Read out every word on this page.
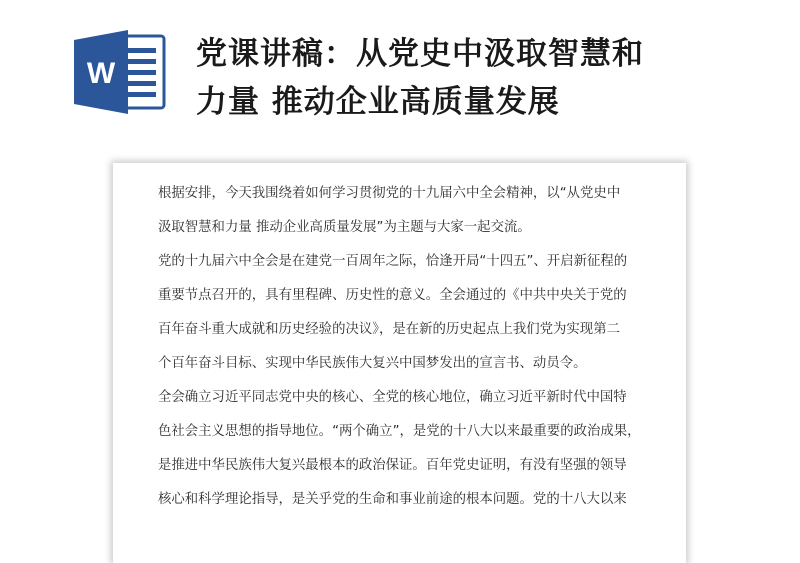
W
党课讲稿：从党史中汲取智慧和
力量 推动企业高质量发展

根据安排，今天我围绕着如何学习贯彻党的十九届六中全会精神，以“从党史中

汲取智慧和力量 推动企业高质量发展”为主题与大家一起交流。

党的十九届六中全会是在建党一百周年之际，恰逢开局“十四五”、开启新征程的

重要节点召开的，具有里程碑、历史性的意义。全会通过的《中共中央关于党的

百年奋斗重大成就和历史经验的决议》，是在新的历史起点上我们党为实现第二

个百年奋斗目标、实现中华民族伟大复兴中国梦发出的宣言书、动员令。

全会确立习近平同志党中央的核心、全党的核心地位，确立习近平新时代中国特

色社会主义思想的指导地位。“两个确立”，是党的十八大以来最重要的政治成果，

是推进中华民族伟大复兴最根本的政治保证。百年党史证明，有没有坚强的领导

核心和科学理论指导，是关乎党的生命和事业前途的根本问题。党的十八大以来
